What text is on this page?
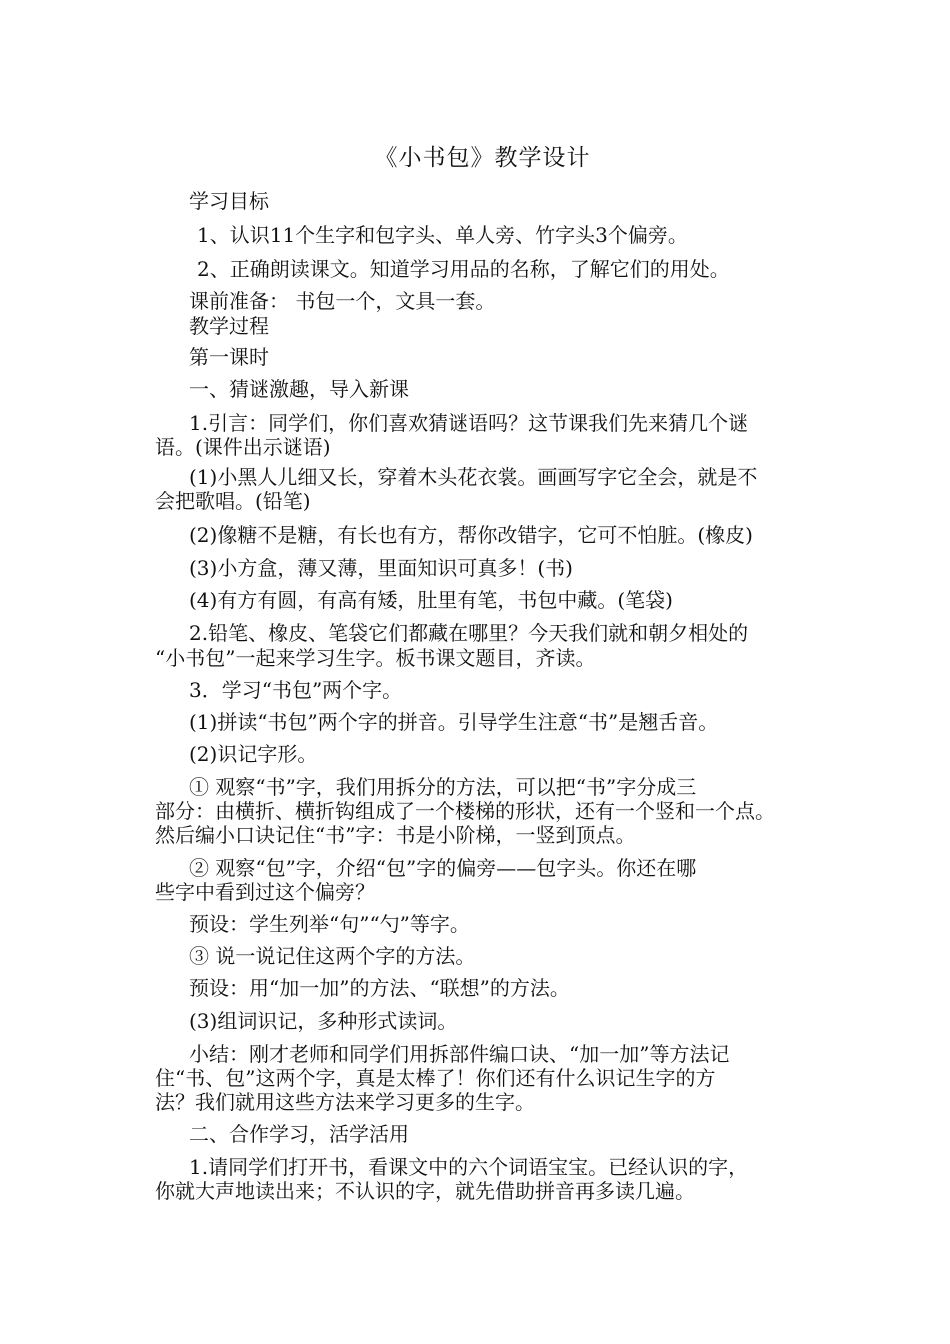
《小书包》教学设计
学习目标
1、认识11个生字和包字头、单人旁、竹字头3个偏旁。
2、正确朗读课文。知道学习用品的名称，了解它们的用处。
课前准备： 书包一个，文具一套。
教学过程
第一课时
一、猜谜激趣，导入新课
1.引言：同学们，你们喜欢猜谜语吗？这节课我们先来猜几个谜
语。(课件出示谜语)
(1)小黑人儿细又长，穿着木头花衣裳。画画写字它全会，就是不
会把歌唱。(铅笔)
(2)像糖不是糖，有长也有方，帮你改错字，它可不怕脏。(橡皮)
(3)小方盒，薄又薄，里面知识可真多！(书)
(4)有方有圆，有高有矮，肚里有笔，书包中藏。(笔袋)
2.铅笔、橡皮、笔袋它们都藏在哪里？今天我们就和朝夕相处的
“小书包”一起来学习生字。板书课文题目，齐读。
3．学习“书包”两个字。
(1)拼读“书包”两个字的拼音。引导学生注意“书”是翘舌音。
(2)识记字形。
① 观察“书”字，我们用拆分的方法，可以把“书”字分成三
部分：由横折、横折钩组成了一个楼梯的形状，还有一个竖和一个点。
然后编小口诀记住“书”字：书是小阶梯，一竖到顶点。
② 观察“包”字，介绍“包”字的偏旁——包字头。你还在哪
些字中看到过这个偏旁？
预设：学生列举“句”“勺”等字。
③ 说一说记住这两个字的方法。
预设：用“加一加”的方法、“联想”的方法。
(3)组词识记，多种形式读词。
小结：刚才老师和同学们用拆部件编口诀、“加一加”等方法记
住“书、包”这两个字，真是太棒了！你们还有什么识记生字的方
法？我们就用这些方法来学习更多的生字。
二、合作学习，活学活用
1.请同学们打开书，看课文中的六个词语宝宝。已经认识的字，
你就大声地读出来；不认识的字，就先借助拼音再多读几遍。
